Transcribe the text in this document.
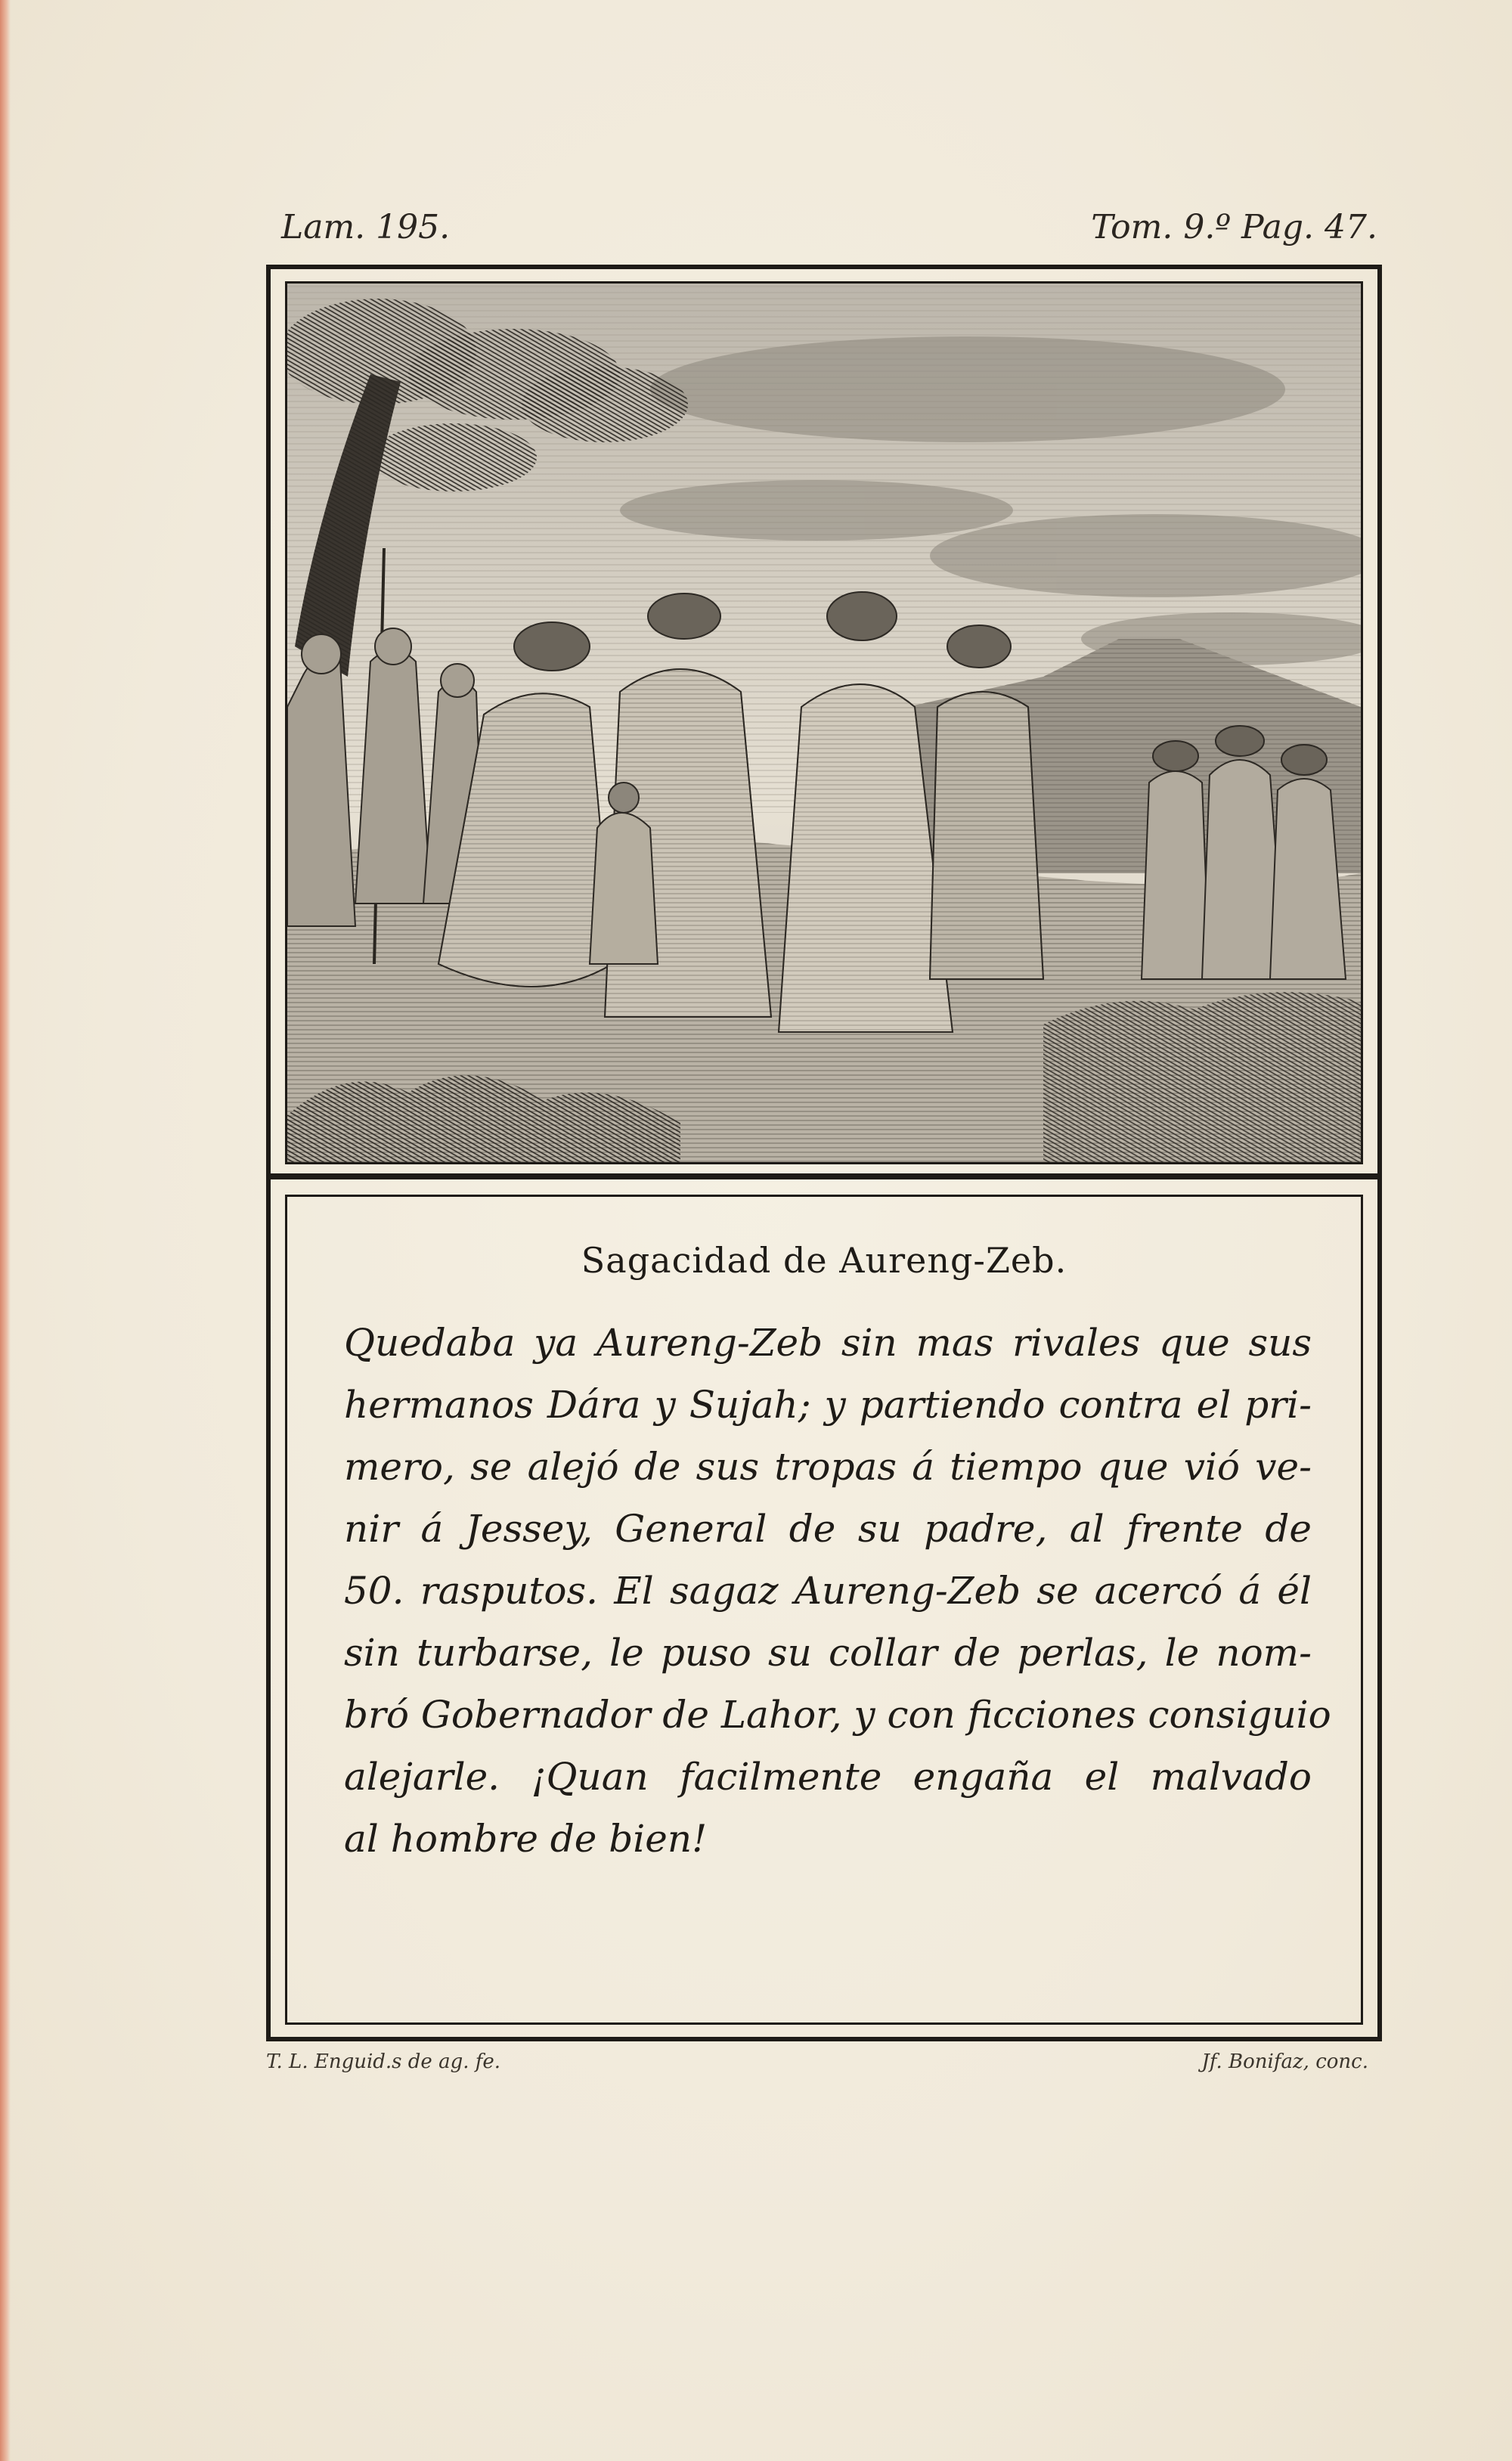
Lam. 195.	Tom. 9.º Pag. 47.
Sagacidad de Aureng-Zeb.
Quedaba ya Aureng-Zeb sin mas rivales que sus
hermanos Dára y Sujah; y partiendo contra el pri-
mero, se alejó de sus tropas á tiempo que vió ve-
nir á Jessey, General de su padre, al frente de
50. rasputos. El sagaz Aureng-Zeb se acercó á él
sin turbarse, le puso su collar de perlas, le nom-
bró Gobernador de Lahor, y con ficciones consiguio
alejarle. ¡Quan facilmente engaña el malvado
al hombre de bien!
T. L. Enguid.s de ag. fe.	Jf. Bonifaz, conc.
